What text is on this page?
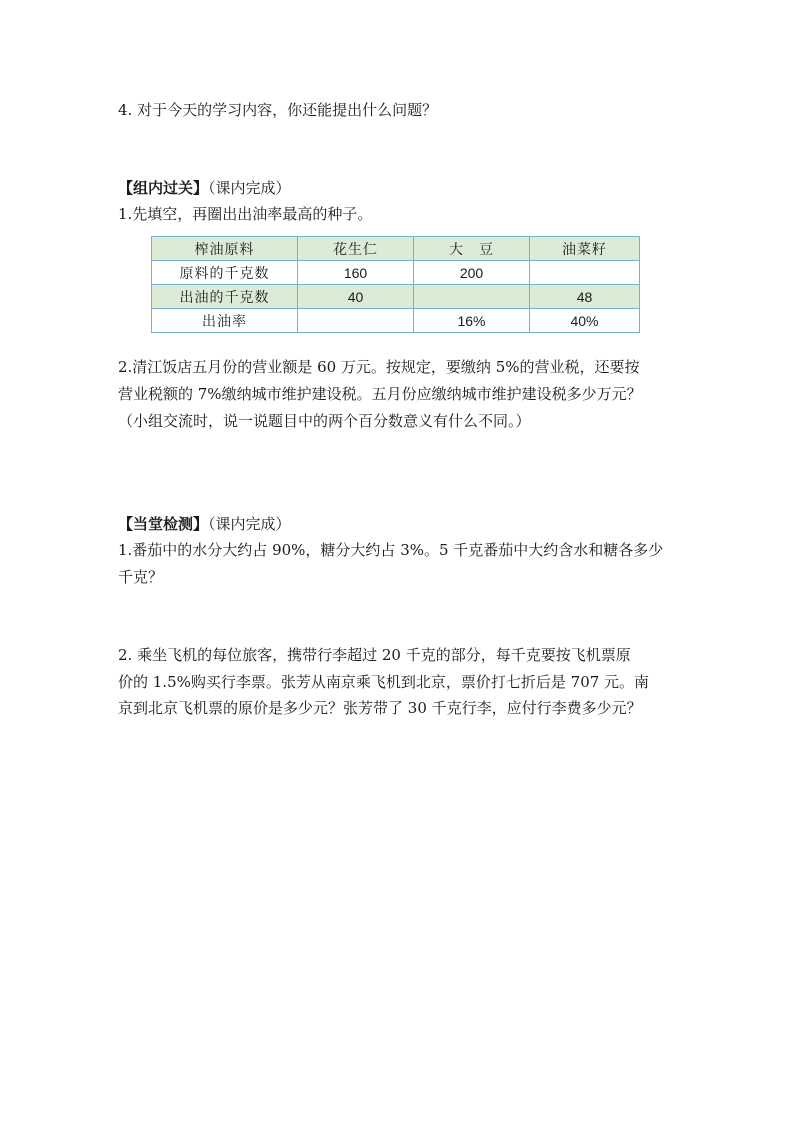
4. 对于今天的学习内容，你还能提出什么问题？
【组内过关】（课内完成）
1.先填空，再圈出出油率最高的种子。
榨油原料	花生仁	大　豆	油菜籽
原料的千克数	160	200	
出油的千克数	40		48
出油率		16%	40%
2.清江饭店五月份的营业额是 60 万元。按规定，要缴纳 5%的营业税，还要按
营业税额的 7%缴纳城市维护建设税。五月份应缴纳城市维护建设税多少万元？
（小组交流时，说一说题目中的两个百分数意义有什么不同。）
【当堂检测】（课内完成）
1.番茄中的水分大约占 90%，糖分大约占 3%。5 千克番茄中大约含水和糖各多少
千克？
2. 乘坐飞机的每位旅客，携带行李超过 20 千克的部分，每千克要按飞机票原
价的 1.5%购买行李票。张芳从南京乘飞机到北京，票价打七折后是 707 元。南
京到北京飞机票的原价是多少元？张芳带了 30 千克行李，应付行李费多少元？
